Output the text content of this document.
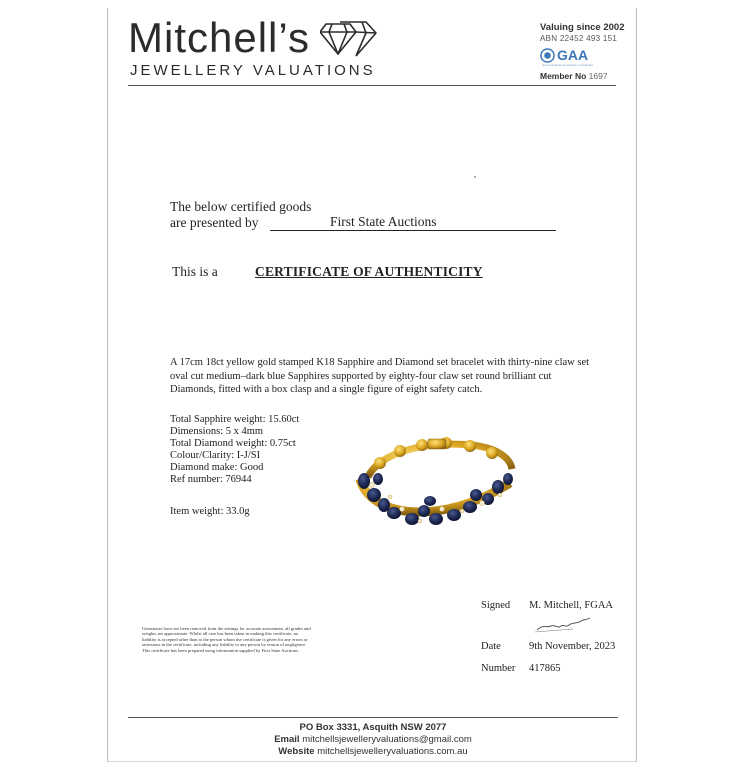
Mitchell’s
JEWELLERY VALUATIONS
Valuing since 2002
ABN 22452 493 151
GAA
Gemmological Association of Australia
Member No 1697
The below certified goods
are presented by	First State Auctions
This is a	CERTIFICATE OF AUTHENTICITY
A 17cm 18ct yellow gold stamped K18 Sapphire and Diamond set bracelet with thirty-nine claw set oval cut medium–dark blue Sapphires supported by eighty-four claw set round brilliant cut Diamonds, fitted with a box clasp and a single figure of eight safety catch.
Total Sapphire weight: 15.60ct
Dimensions: 5 x 4mm
Total Diamond weight: 0.75ct
Colour/Clarity: I-J/SI
Diamond make: Good
Ref number: 76944
Item weight: 33.0g
Gemstones have not been removed from the settings for accurate assessment, all grades and weights are approximate. Whilst all care has been taken in making this certificate, no liability is accepted other than to the person whom the certificate is given for any errors or omissions in the certificate, including any liability to any person by reason of negligence. This certificate has been prepared using information supplied by First State Auctions.
Signed M. Mitchell, FGAA
Date	9th November, 2023
Number 417865
PO Box 3331, Asquith NSW 2077
Email mitchellsjewelleryvaluations@gmail.com
Website mitchellsjewelleryvaluations.com.au
